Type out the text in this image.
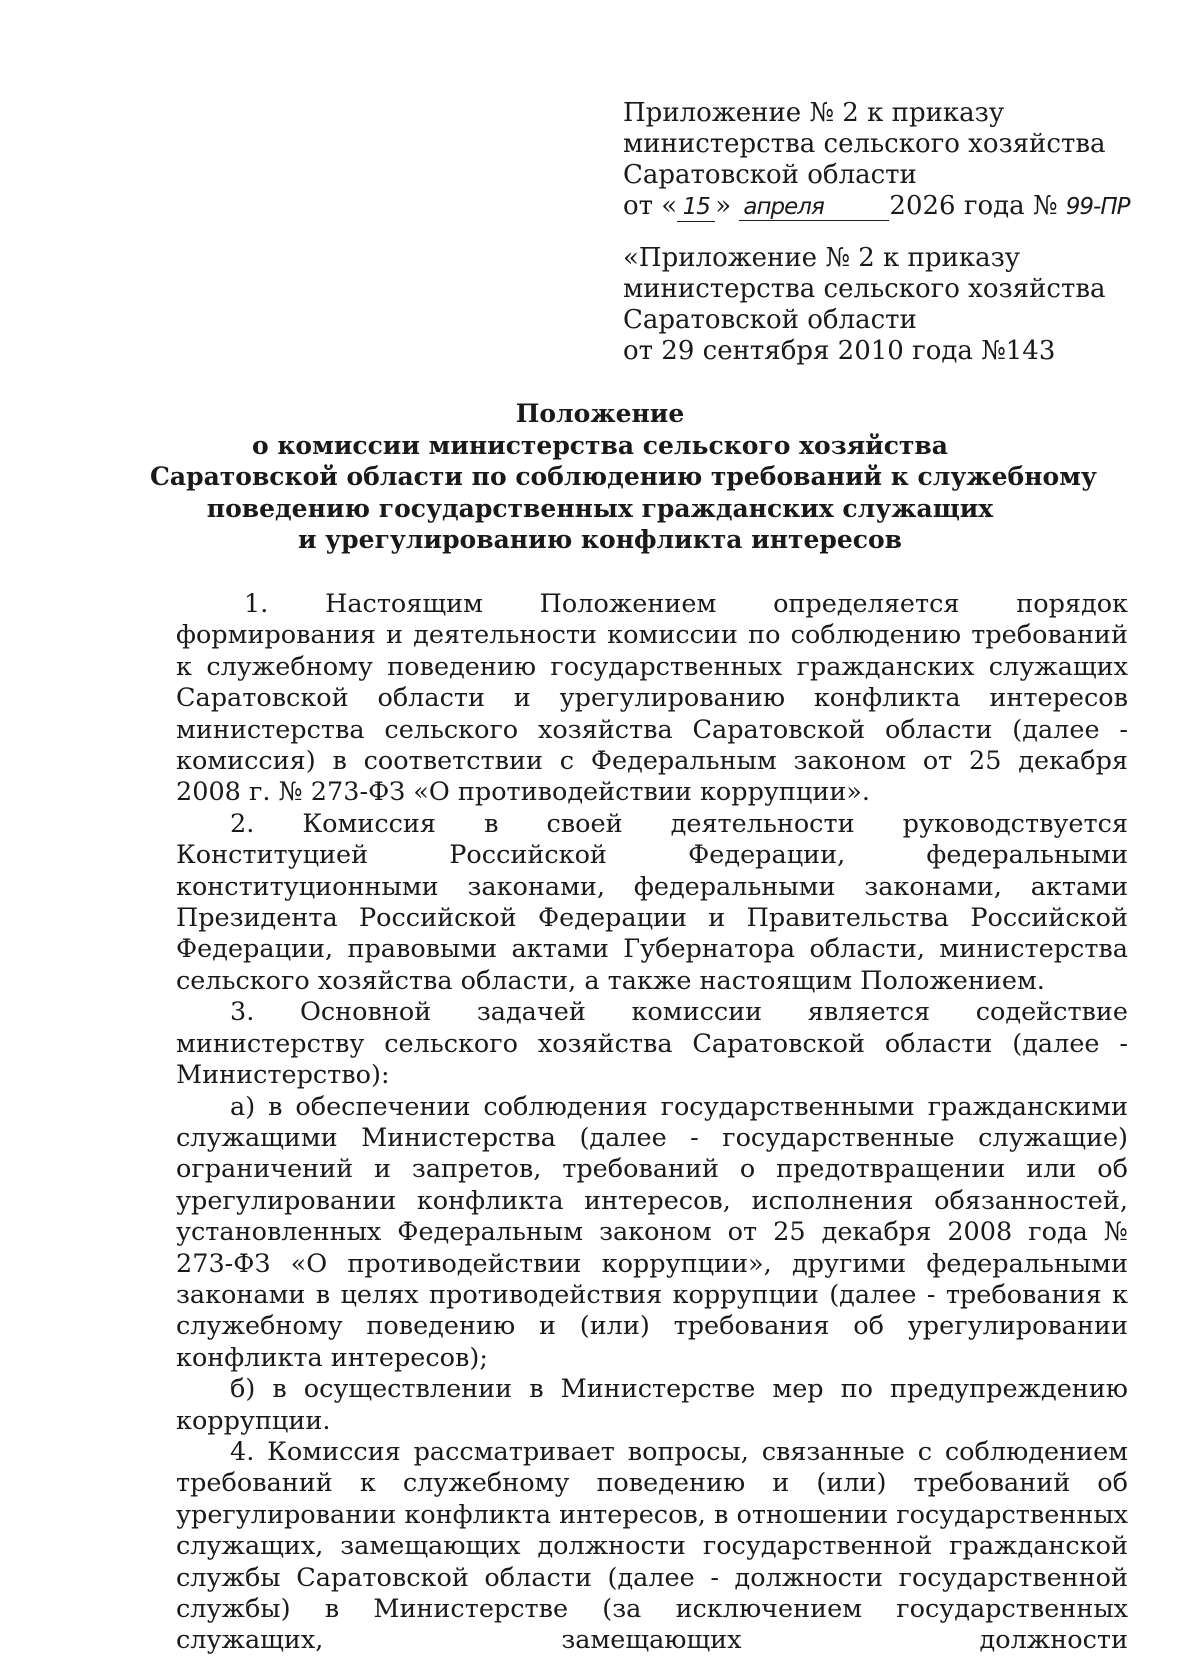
Приложение № 2 к приказу
министерства сельского хозяйства
Саратовской области
от « 15 » апреля	2026 года № 99-ПР
«Приложение № 2 к приказу
министерства сельского хозяйства
Саратовской области
от 29 сентября 2010 года №143
Положение
о комиссии министерства сельского хозяйства
Саратовской области по соблюдению требований к служебному
поведению государственных гражданских служащих
и урегулированию конфликта интересов

1. Настоящим Положением определяется порядок формирования и деятельности комиссии по соблюдению требований к служебному поведению государственных гражданских служащих Саратовской области и урегулированию конфликта интересов министерства сельского хозяйства Саратовской области (далее - комиссия) в соответствии с Федеральным законом от 25 декабря 2008 г. № 273-ФЗ «О противодействии коррупции».

2. Комиссия в своей деятельности руководствуется Конституцией Российской Федерации, федеральными конституционными законами, федеральными законами, актами Президента Российской Федерации и Правительства Российской Федерации, правовыми актами Губернатора области, министерства сельского хозяйства области, а также настоящим Положением.

3. Основной задачей комиссии является содействие министерству сельского хозяйства Саратовской области (далее - Министерство):

а) в обеспечении соблюдения государственными гражданскими служащими Министерства (далее - государственные служащие) ограничений и запретов, требований о предотвращении или об урегулировании конфликта интересов, исполнения обязанностей, установленных Федеральным законом от 25 декабря 2008 года № 273-ФЗ «О противодействии коррупции», другими федеральными законами в целях противодействия коррупции (далее - требования к служебному поведению и (или) требования об урегулировании конфликта интересов);

б) в осуществлении в Министерстве мер по предупреждению коррупции.

4. Комиссия рассматривает вопросы, связанные с соблюдением требований к служебному поведению и (или) требований об урегулировании конфликта интересов, в отношении государственных служащих, замещающих должности государственной гражданской службы Саратовской области (далее - должности государственной службы) в Министерстве (за исключением государственных служащих, замещающих должности
